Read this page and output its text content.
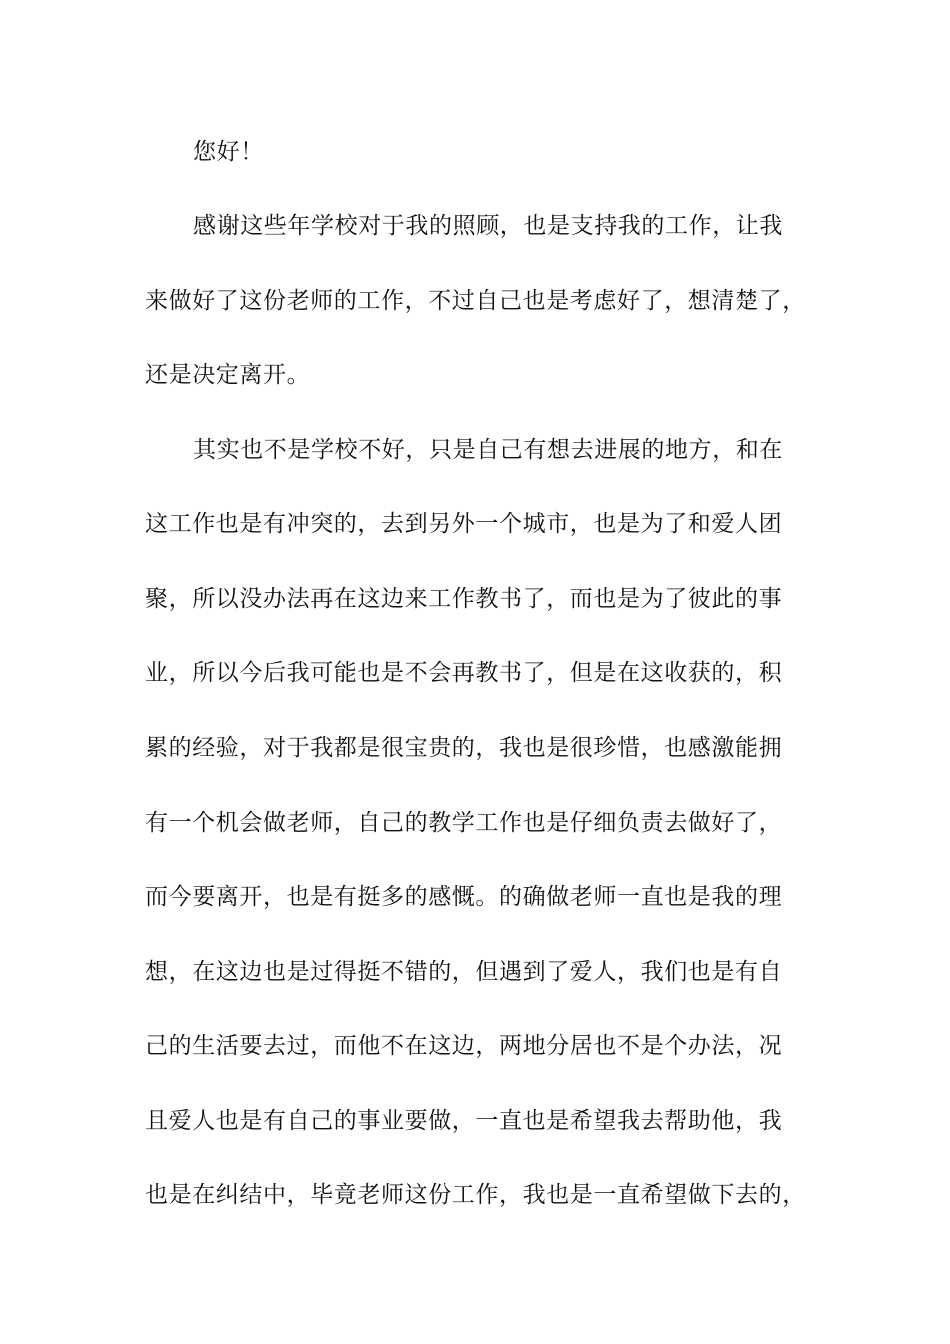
您好！

感谢这些年学校对于我的照顾，也是支持我的工作，让我

来做好了这份老师的工作，不过自己也是考虑好了，想清楚了，

还是决定离开。

其实也不是学校不好，只是自己有想去进展的地方，和在

这工作也是有冲突的，去到另外一个城市，也是为了和爱人团

聚，所以没办法再在这边来工作教书了，而也是为了彼此的事

业，所以今后我可能也是不会再教书了，但是在这收获的，积

累的经验，对于我都是很宝贵的，我也是很珍惜，也感激能拥

有一个机会做老师，自己的教学工作也是仔细负责去做好了，

而今要离开，也是有挺多的感慨。的确做老师一直也是我的理

想，在这边也是过得挺不错的，但遇到了爱人，我们也是有自

己的生活要去过，而他不在这边，两地分居也不是个办法，况

且爱人也是有自己的事业要做，一直也是希望我去帮助他，我

也是在纠结中，毕竟老师这份工作，我也是一直希望做下去的，
